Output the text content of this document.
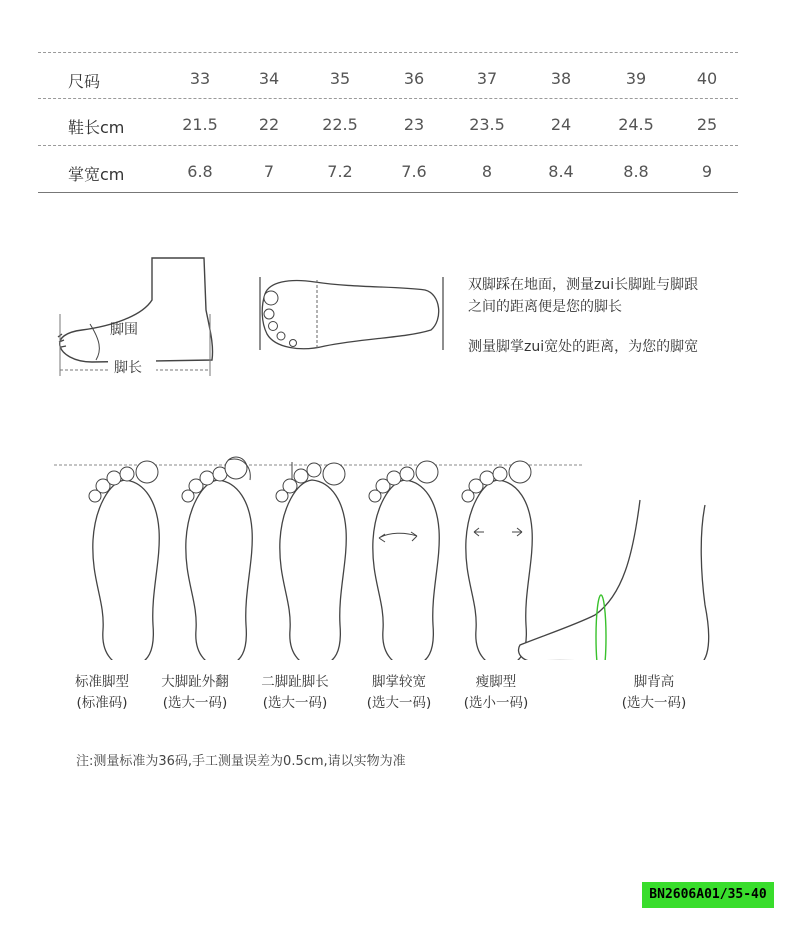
尺码	33	34	35	36	37	38	39	40
鞋长cm	21.5	22	22.5	23	23.5	24	24.5	25
掌宽cm	6.8	7	7.2	7.6	8	8.4	8.8	9
脚围
脚长
双脚踩在地面，测量zui长脚趾与脚跟
之间的距离便是您的脚长
测量脚掌zui宽处的距离，为您的脚宽
标准脚型
(标准码)
大脚趾外翻
(选大一码)
二脚趾脚长
(选大一码)
脚掌较宽
(选大一码)
瘦脚型
(选小一码)
脚背高
(选大一码)
注:测量标准为36码,手工测量误差为0.5cm,请以实物为准
BN2606A01/35-40
